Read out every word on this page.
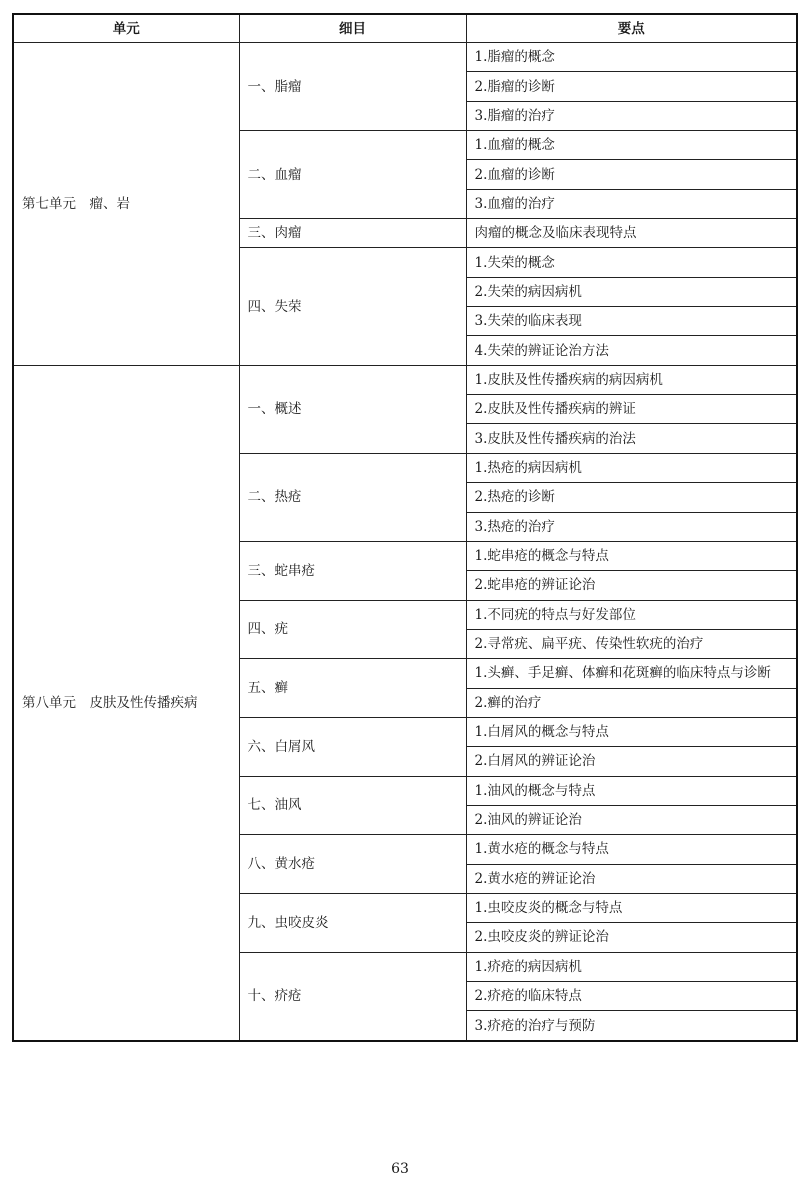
单元	细目	要点
第七单元　瘤、岩	一、脂瘤	1.脂瘤的概念
		2.脂瘤的诊断
		3.脂瘤的治疗
	二、血瘤	1.血瘤的概念
		2.血瘤的诊断
		3.血瘤的治疗
	三、肉瘤	肉瘤的概念及临床表现特点
	四、失荣	1.失荣的概念
		2.失荣的病因病机
		3.失荣的临床表现
		4.失荣的辨证论治方法
第八单元　皮肤及性传播疾病	一、概述	1.皮肤及性传播疾病的病因病机
		2.皮肤及性传播疾病的辨证
		3.皮肤及性传播疾病的治法
	二、热疮	1.热疮的病因病机
		2.热疮的诊断
		3.热疮的治疗
	三、蛇串疮	1.蛇串疮的概念与特点
		2.蛇串疮的辨证论治
	四、疣	1.不同疣的特点与好发部位
		2.寻常疣、扁平疣、传染性软疣的治疗
	五、癣	1.头癣、手足癣、体癣和花斑癣的临床特点与诊断
		2.癣的治疗
	六、白屑风	1.白屑风的概念与特点
		2.白屑风的辨证论治
	七、油风	1.油风的概念与特点
		2.油风的辨证论治
	八、黄水疮	1.黄水疮的概念与特点
		2.黄水疮的辨证论治
	九、虫咬皮炎	1.虫咬皮炎的概念与特点
		2.虫咬皮炎的辨证论治
	十、疥疮	1.疥疮的病因病机
		2.疥疮的临床特点
		3.疥疮的治疗与预防
63
